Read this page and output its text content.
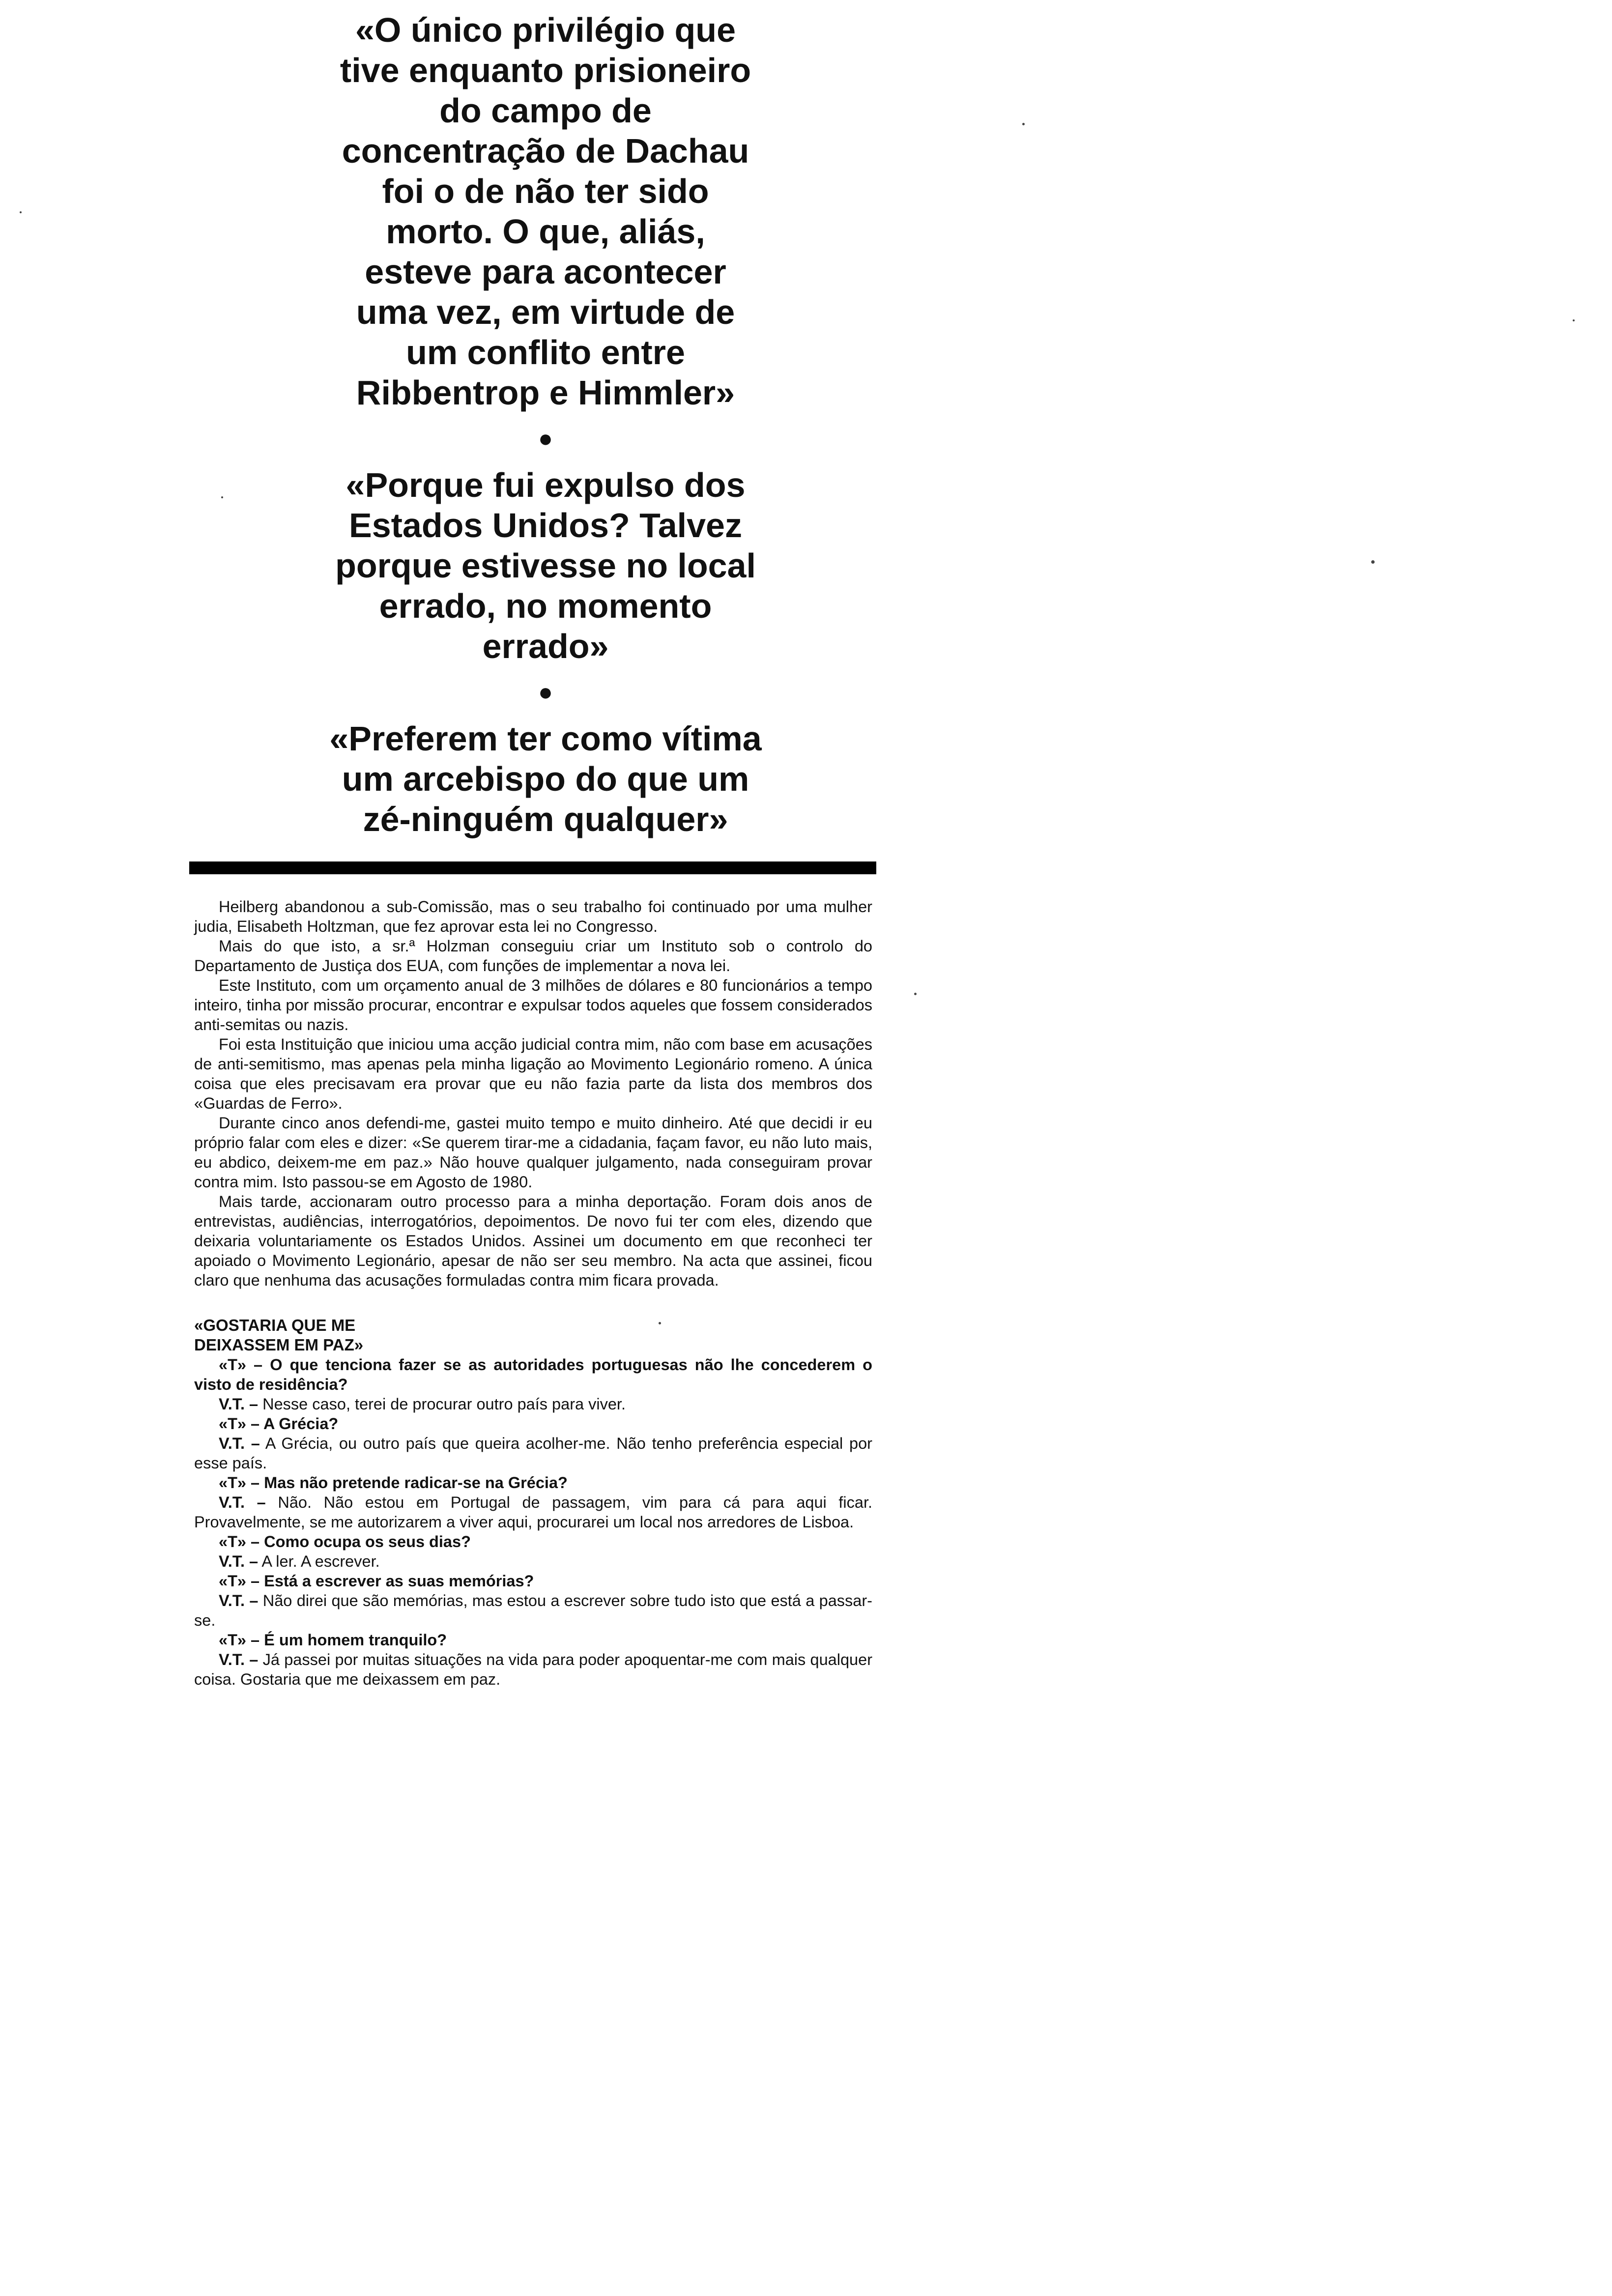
«O único privilégio que
tive enquanto prisioneiro
do campo de
concentração de Dachau
foi o de não ter sido
morto. O que, aliás,
esteve para acontecer
uma vez, em virtude de
um conflito entre
Ribbentrop e Himmler»
●
«Porque fui expulso dos
Estados Unidos? Talvez
porque estivesse no local
errado, no momento
errado»
●
«Preferem ter como vítima
um arcebispo do que um
zé-ninguém qualquer»

Heilberg abandonou a sub-Comissão, mas o seu trabalho foi continuado por uma mulher judia, Elisabeth Holtzman, que fez aprovar esta lei no Congresso.

Mais do que isto, a sr.ª Holzman conseguiu criar um Instituto sob o controlo do Departamento de Justiça dos EUA, com funções de implementar a nova lei.

Este Instituto, com um orçamento anual de 3 milhões de dólares e 80 funcionários a tempo inteiro, tinha por missão procurar, encontrar e expulsar todos aqueles que fossem considerados anti-semitas ou nazis.

Foi esta Instituição que iniciou uma acção judicial contra mim, não com base em acusações de anti-semitismo, mas apenas pela minha ligação ao Movimento Legionário romeno. A única coisa que eles precisavam era provar que eu não fazia parte da lista dos membros dos «Guardas de Ferro».

Durante cinco anos defendi-me, gastei muito tempo e muito dinheiro. Até que decidi ir eu próprio falar com eles e dizer: «Se querem tirar-me a cidadania, façam favor, eu não luto mais, eu abdico, deixem-me em paz.» Não houve qualquer julgamento, nada conseguiram provar contra mim. Isto passou-se em Agosto de 1980.

Mais tarde, accionaram outro processo para a minha deportação. Foram dois anos de entrevistas, audiências, interrogatórios, depoimentos. De novo fui ter com eles, dizendo que deixaria voluntariamente os Estados Unidos. Assinei um documento em que reconheci ter apoiado o Movimento Legionário, apesar de não ser seu membro. Na acta que assinei, ficou claro que nenhuma das acusações formuladas contra mim ficara provada.

«GOSTARIA QUE ME
DEIXASSEM EM PAZ»

«T» – O que tenciona fazer se as autoridades portuguesas não lhe concederem o visto de residência?

V.T. – Nesse caso, terei de procurar outro país para viver.

«T» – A Grécia?

V.T. – A Grécia, ou outro país que queira acolher-me. Não tenho preferência especial por esse país.

«T» – Mas não pretende radicar-se na Grécia?

V.T. – Não. Não estou em Portugal de passagem, vim para cá para aqui ficar. Provavelmente, se me autorizarem a viver aqui, procurarei um local nos arredores de Lisboa.

«T» – Como ocupa os seus dias?

V.T. – A ler. A escrever.

«T» – Está a escrever as suas memórias?

V.T. – Não direi que são memórias, mas estou a escrever sobre tudo isto que está a passar-se.

«T» – É um homem tranquilo?

V.T. – Já passei por muitas situações na vida para poder apoquentar-me com mais qualquer coisa. Gostaria que me deixassem em paz.
